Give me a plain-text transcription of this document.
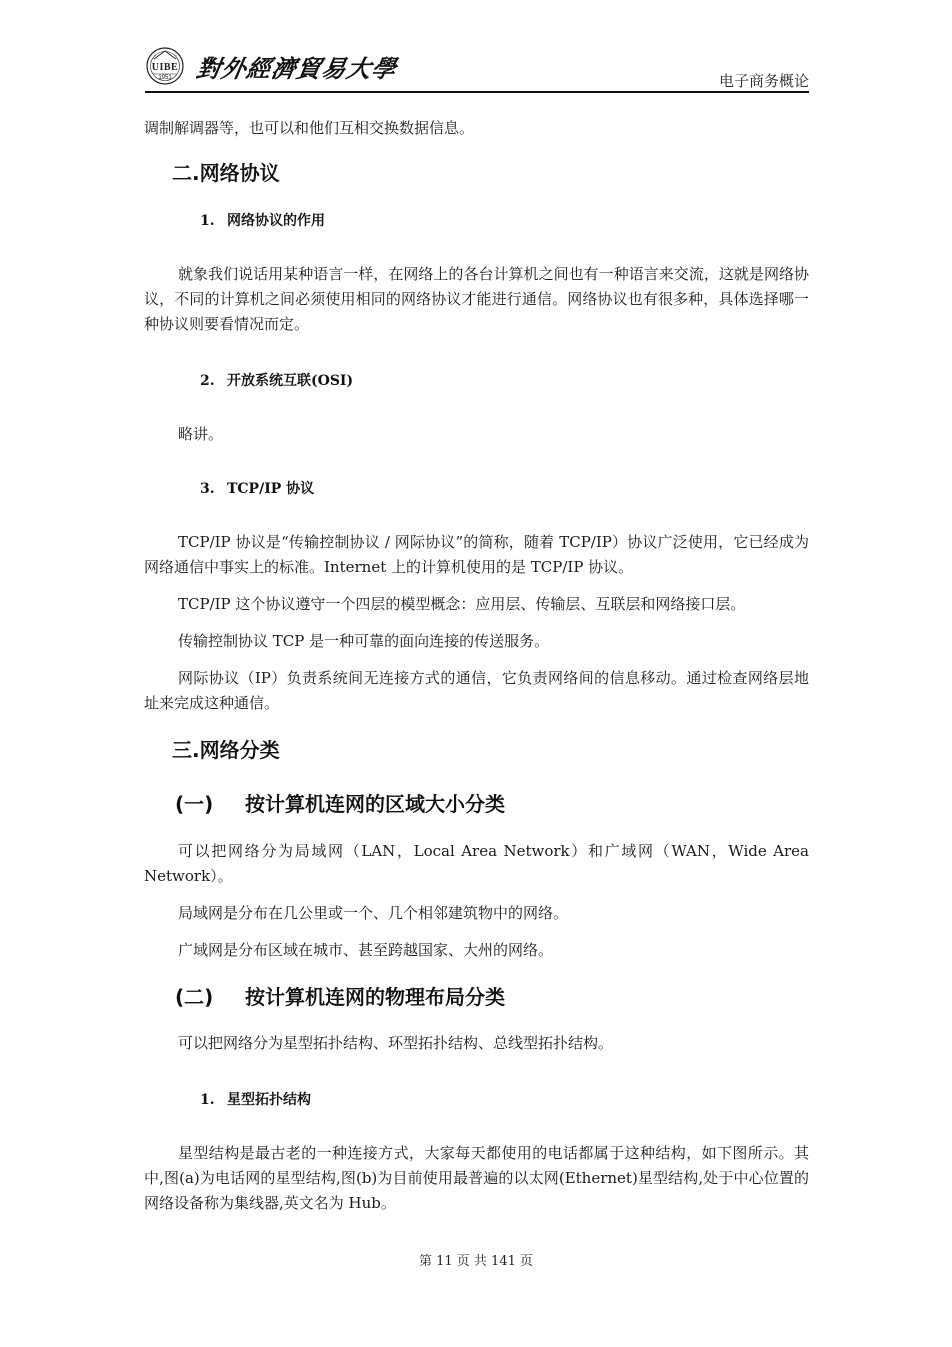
UIBE
1951 對外經濟貿易大學	电子商务概论
调制解调器等，也可以和他们互相交换数据信息。
二.网络协议
1. 网络协议的作用
就象我们说话用某种语言一样，在网络上的各台计算机之间也有一种语言来交流，这就是网络协议，不同的计算机之间必须使用相同的网络协议才能进行通信。网络协议也有很多种，具体选择哪一种协议则要看情况而定。
2. 开放系统互联(OSI)
略讲。
3. TCP/IP 协议
TCP/IP 协议是“传输控制协议 / 网际协议”的简称，随着 TCP/IP）协议广泛使用，它已经成为网络通信中事实上的标准。Internet 上的计算机使用的是 TCP/IP 协议。
TCP/IP 这个协议遵守一个四层的模型概念：应用层、传输层、互联层和网络接口层。
传输控制协议 TCP 是一种可靠的面向连接的传送服务。
网际协议（IP）负责系统间无连接方式的通信，它负责网络间的信息移动。通过检查网络层地址来完成这种通信。
三.网络分类
(一) 按计算机连网的区域大小分类
可以把网络分为局域网（LAN，Local Area Network）和广域网（WAN，Wide Area Network）。
局域网是分布在几公里或一个、几个相邻建筑物中的网络。
广域网是分布区域在城市、甚至跨越国家、大州的网络。
(二) 按计算机连网的物理布局分类
可以把网络分为星型拓扑结构、环型拓扑结构、总线型拓扑结构。
1. 星型拓扑结构
星型结构是最古老的一种连接方式，大家每天都使用的电话都属于这种结构，如下图所示。其中,图(a)为电话网的星型结构,图(b)为目前使用最普遍的以太网(Ethernet)星型结构,处于中心位置的网络设备称为集线器,英文名为 Hub。
第 11 页 共 141 页
